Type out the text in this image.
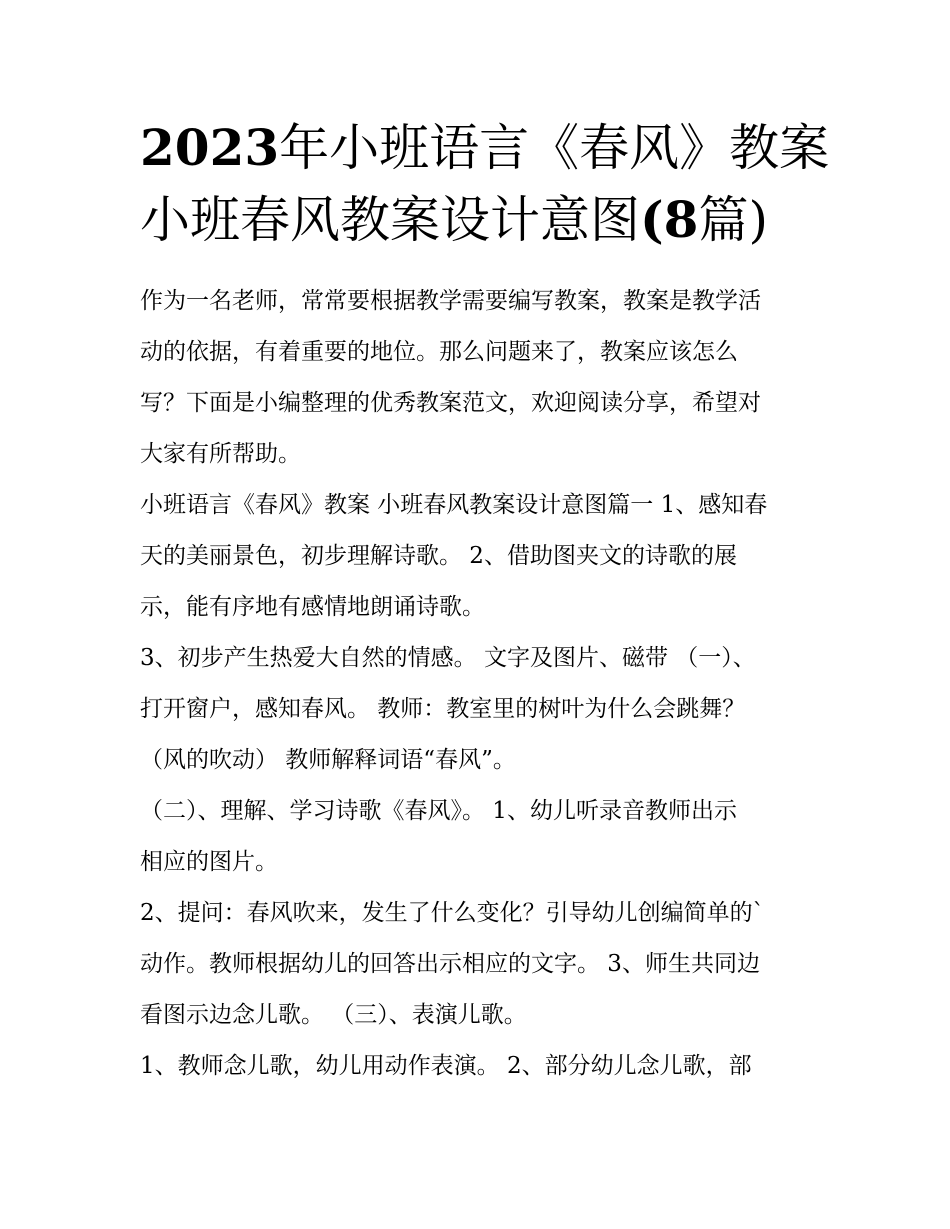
2023年小班语言《春风》教案
小班春风教案设计意图(8篇)

作为一名老师，常常要根据教学需要编写教案，教案是教学活
动的依据，有着重要的地位。那么问题来了，教案应该怎么
写？下面是小编整理的优秀教案范文，欢迎阅读分享，希望对
大家有所帮助。

小班语言《春风》教案 小班春风教案设计意图篇一 1、感知春
天的美丽景色，初步理解诗歌。 2、借助图夹文的诗歌的展
示，能有序地有感情地朗诵诗歌。

3、初步产生热爱大自然的情感。 文字及图片、磁带 （一）、
打开窗户，感知春风。 教师：教室里的树叶为什么会跳舞？
（风的吹动） 教师解释词语“春风”。

（二）、理解、学习诗歌《春风》。 1、幼儿听录音教师出示
相应的图片。

2、提问：春风吹来，发生了什么变化？引导幼儿创编简单的`
动作。教师根据幼儿的回答出示相应的文字。 3、师生共同边
看图示边念儿歌。 （三）、表演儿歌。

1、教师念儿歌，幼儿用动作表演。 2、部分幼儿念儿歌，部
